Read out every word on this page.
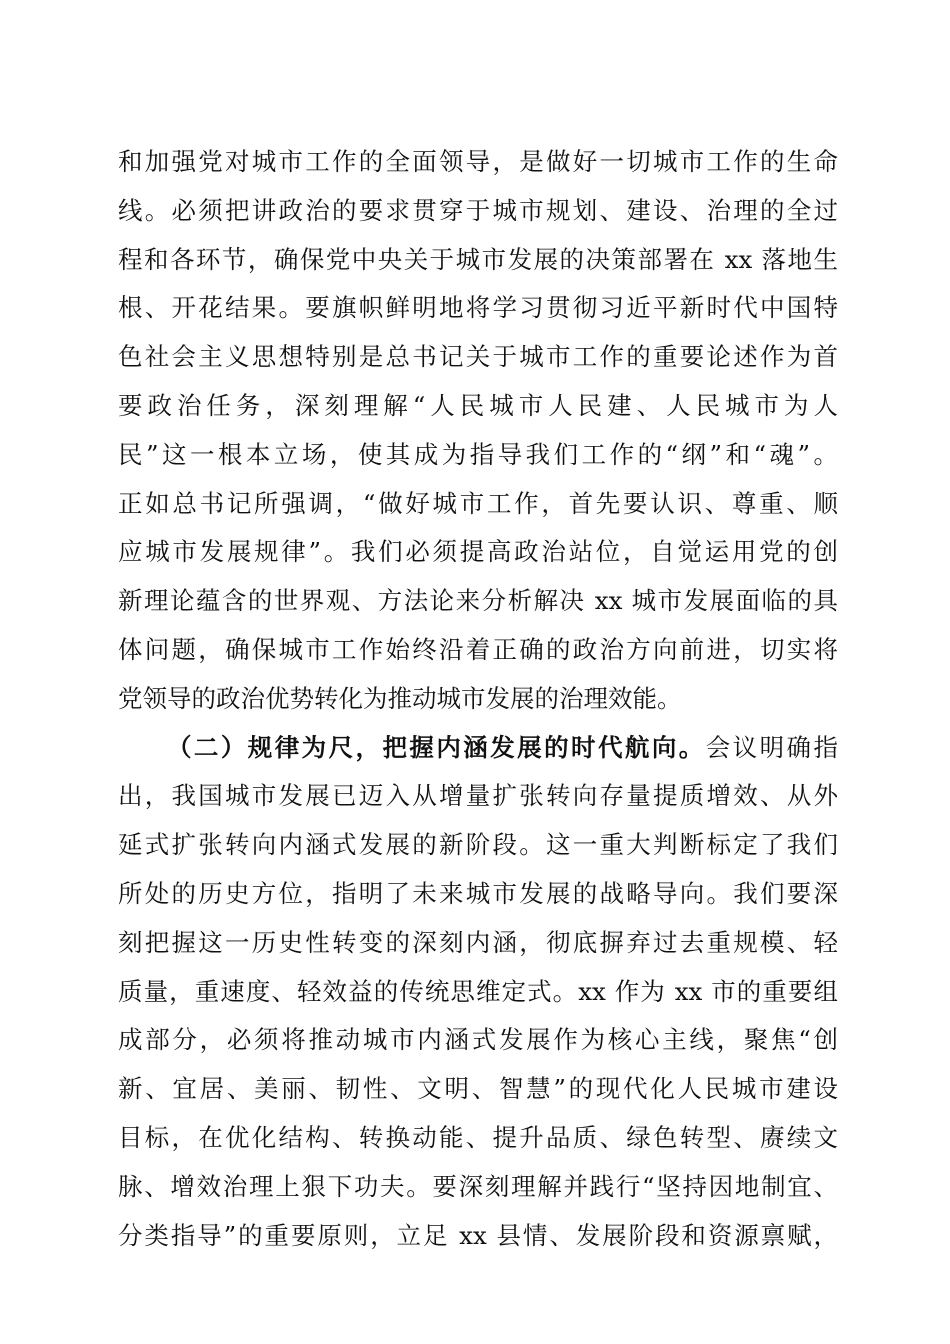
和加强党对城市工作的全面领导，是做好一切城市工作的生命
线。必须把讲政治的要求贯穿于城市规划、建设、治理的全过
程和各环节，确保党中央关于城市发展的决策部署在 xx 落地生
根、开花结果。要旗帜鲜明地将学习贯彻习近平新时代中国特
色社会主义思想特别是总书记关于城市工作的重要论述作为首
要政治任务，深刻理解“人民城市人民建、人民城市为人
民”这一根本立场，使其成为指导我们工作的“纲”和“魂”。
正如总书记所强调，“做好城市工作，首先要认识、尊重、顺
应城市发展规律”。我们必须提高政治站位，自觉运用党的创
新理论蕴含的世界观、方法论来分析解决 xx 城市发展面临的具
体问题，确保城市工作始终沿着正确的政治方向前进，切实将
党领导的政治优势转化为推动城市发展的治理效能。
（二）规律为尺，把握内涵发展的时代航向。会议明确指
出，我国城市发展已迈入从增量扩张转向存量提质增效、从外
延式扩张转向内涵式发展的新阶段。这一重大判断标定了我们
所处的历史方位，指明了未来城市发展的战略导向。我们要深
刻把握这一历史性转变的深刻内涵，彻底摒弃过去重规模、轻
质量，重速度、轻效益的传统思维定式。xx 作为 xx 市的重要组
成部分，必须将推动城市内涵式发展作为核心主线，聚焦“创
新、宜居、美丽、韧性、文明、智慧”的现代化人民城市建设
目标，在优化结构、转换动能、提升品质、绿色转型、赓续文
脉、增效治理上狠下功夫。要深刻理解并践行“坚持因地制宜、
分类指导”的重要原则，立足 xx 县情、发展阶段和资源禀赋，
